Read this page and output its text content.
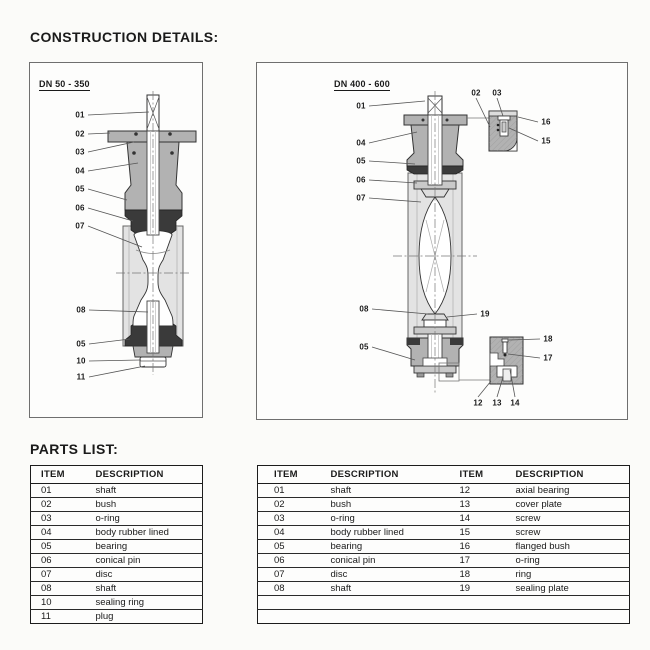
CONSTRUCTION DETAILS:
DN 50 - 350
01
02
03
04
05
06
07
08
05
10
11
DN 400 - 600
01
04
05
06
07
02 03
16
15
08
19
05
18
17
12 13 14
PARTS LIST:
ITEM	DESCRIPTION
01	shaft
02	bush
03	o-ring
04	body rubber lined
05	bearing
06	conical pin
07	disc
08	shaft
10	sealing ring
11	plug
ITEM	DESCRIPTION	ITEM	DESCRIPTION
01	shaft	12	axial bearing
02	bush	13	cover plate
03	o-ring	14	screw
04	body rubber lined	15	screw
05	bearing	16	flanged bush
06	conical pin	17	o-ring
07	disc	18	ring
08	shaft	19	sealing plate
